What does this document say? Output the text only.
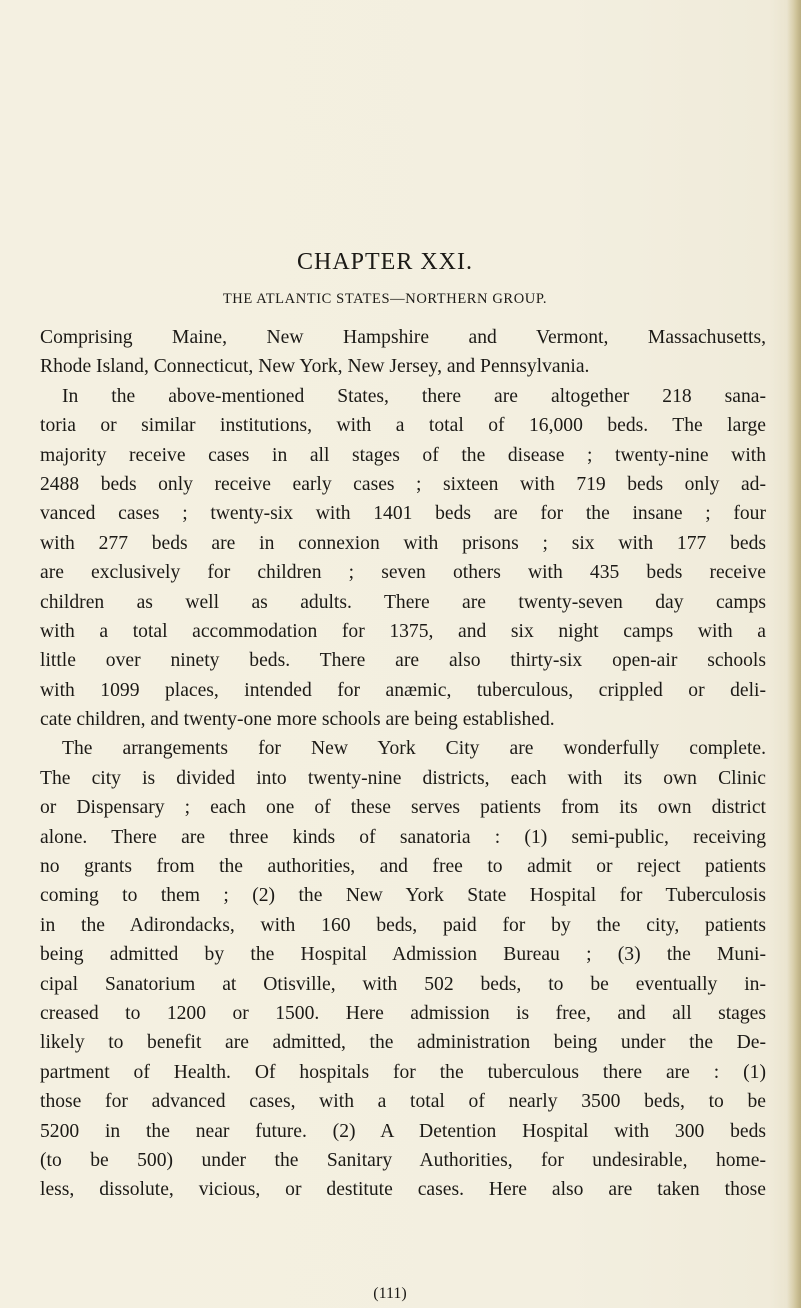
CHAPTER XXI.
THE ATLANTIC STATES—NORTHERN GROUP.
Comprising Maine, New Hampshire and Vermont, Massachusetts,
Rhode Island, Connecticut, New York, New Jersey, and Pennsylvania.
In the above-mentioned States, there are altogether 218 sana-
toria or similar institutions, with a total of 16,000 beds. The large
majority receive cases in all stages of the disease ; twenty-nine with
2488 beds only receive early cases ; sixteen with 719 beds only ad-
vanced cases ; twenty-six with 1401 beds are for the insane ; four
with 277 beds are in connexion with prisons ; six with 177 beds
are exclusively for children ; seven others with 435 beds receive
children as well as adults. There are twenty-seven day camps
with a total accommodation for 1375, and six night camps with a
little over ninety beds. There are also thirty-six open-air schools
with 1099 places, intended for anæmic, tuberculous, crippled or deli-
cate children, and twenty-one more schools are being established.
The arrangements for New York City are wonderfully complete.
The city is divided into twenty-nine districts, each with its own Clinic
or Dispensary ; each one of these serves patients from its own district
alone. There are three kinds of sanatoria : (1) semi-public, receiving
no grants from the authorities, and free to admit or reject patients
coming to them ; (2) the New York State Hospital for Tuberculosis
in the Adirondacks, with 160 beds, paid for by the city, patients
being admitted by the Hospital Admission Bureau ; (3) the Muni-
cipal Sanatorium at Otisville, with 502 beds, to be eventually in-
creased to 1200 or 1500. Here admission is free, and all stages
likely to benefit are admitted, the administration being under the De-
partment of Health. Of hospitals for the tuberculous there are : (1)
those for advanced cases, with a total of nearly 3500 beds, to be
5200 in the near future. (2) A Detention Hospital with 300 beds
(to be 500) under the Sanitary Authorities, for undesirable, home-
less, dissolute, vicious, or destitute cases. Here also are taken those
(111)
